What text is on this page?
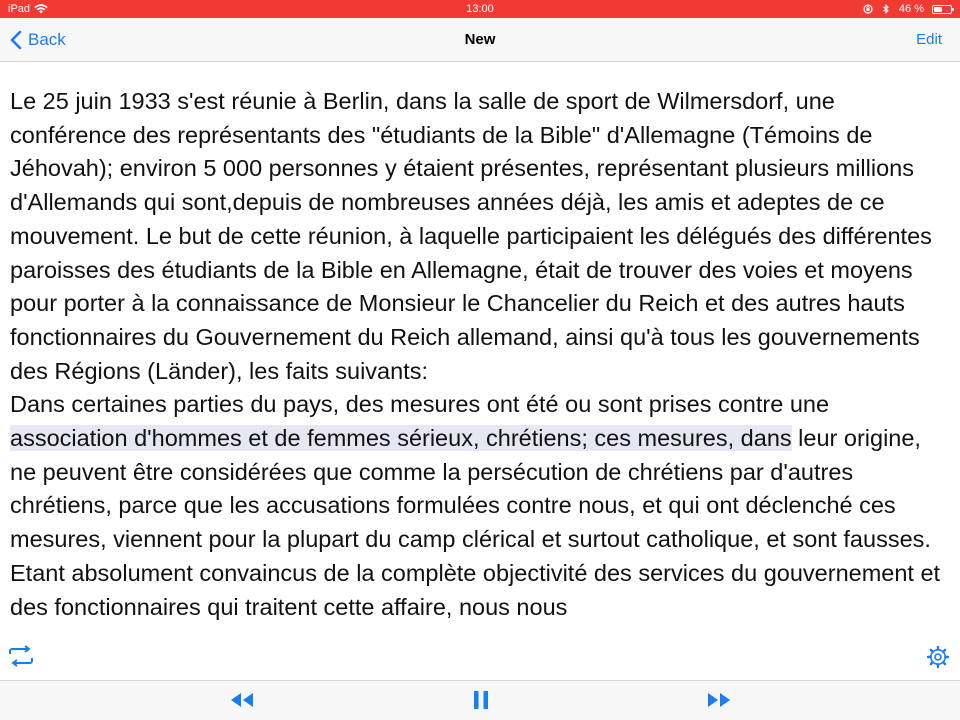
iPad	13:00	46 %
Back	New	Edit

Le 25 juin 1933 s'est réunie à Berlin, dans la salle de sport de Wilmersdorf, une conférence des représentants des "étudiants de la Bible" d'Allemagne (Témoins de Jéhovah); environ 5 000 personnes y étaient présentes, représentant plusieurs millions d'Allemands qui sont,depuis de nombreuses années déjà, les amis et adeptes de ce mouvement. Le but de cette réunion, à laquelle participaient les délégués des différentes paroisses des étudiants de la Bible en Allemagne, était de trouver des voies et moyens pour porter à la connaissance de Monsieur le Chancelier du Reich et des autres hauts fonctionnaires du Gouvernement du Reich allemand, ainsi qu'à tous les gouvernements des Régions (Länder), les faits suivants:

Dans certaines parties du pays, des mesures ont été ou sont prises contre une association d'hommes et de femmes sérieux, chrétiens; ces mesures, dans leur origine, ne peuvent être considérées que comme la persécution de chrétiens par d'autres chrétiens, parce que les accusations formulées contre nous, et qui ont déclenché ces mesures, viennent pour la plupart du camp clérical et surtout catholique, et sont fausses.

Etant absolument convaincus de la complète objectivité des services du gouvernement et des fonctionnaires qui traitent cette affaire, nous nous
